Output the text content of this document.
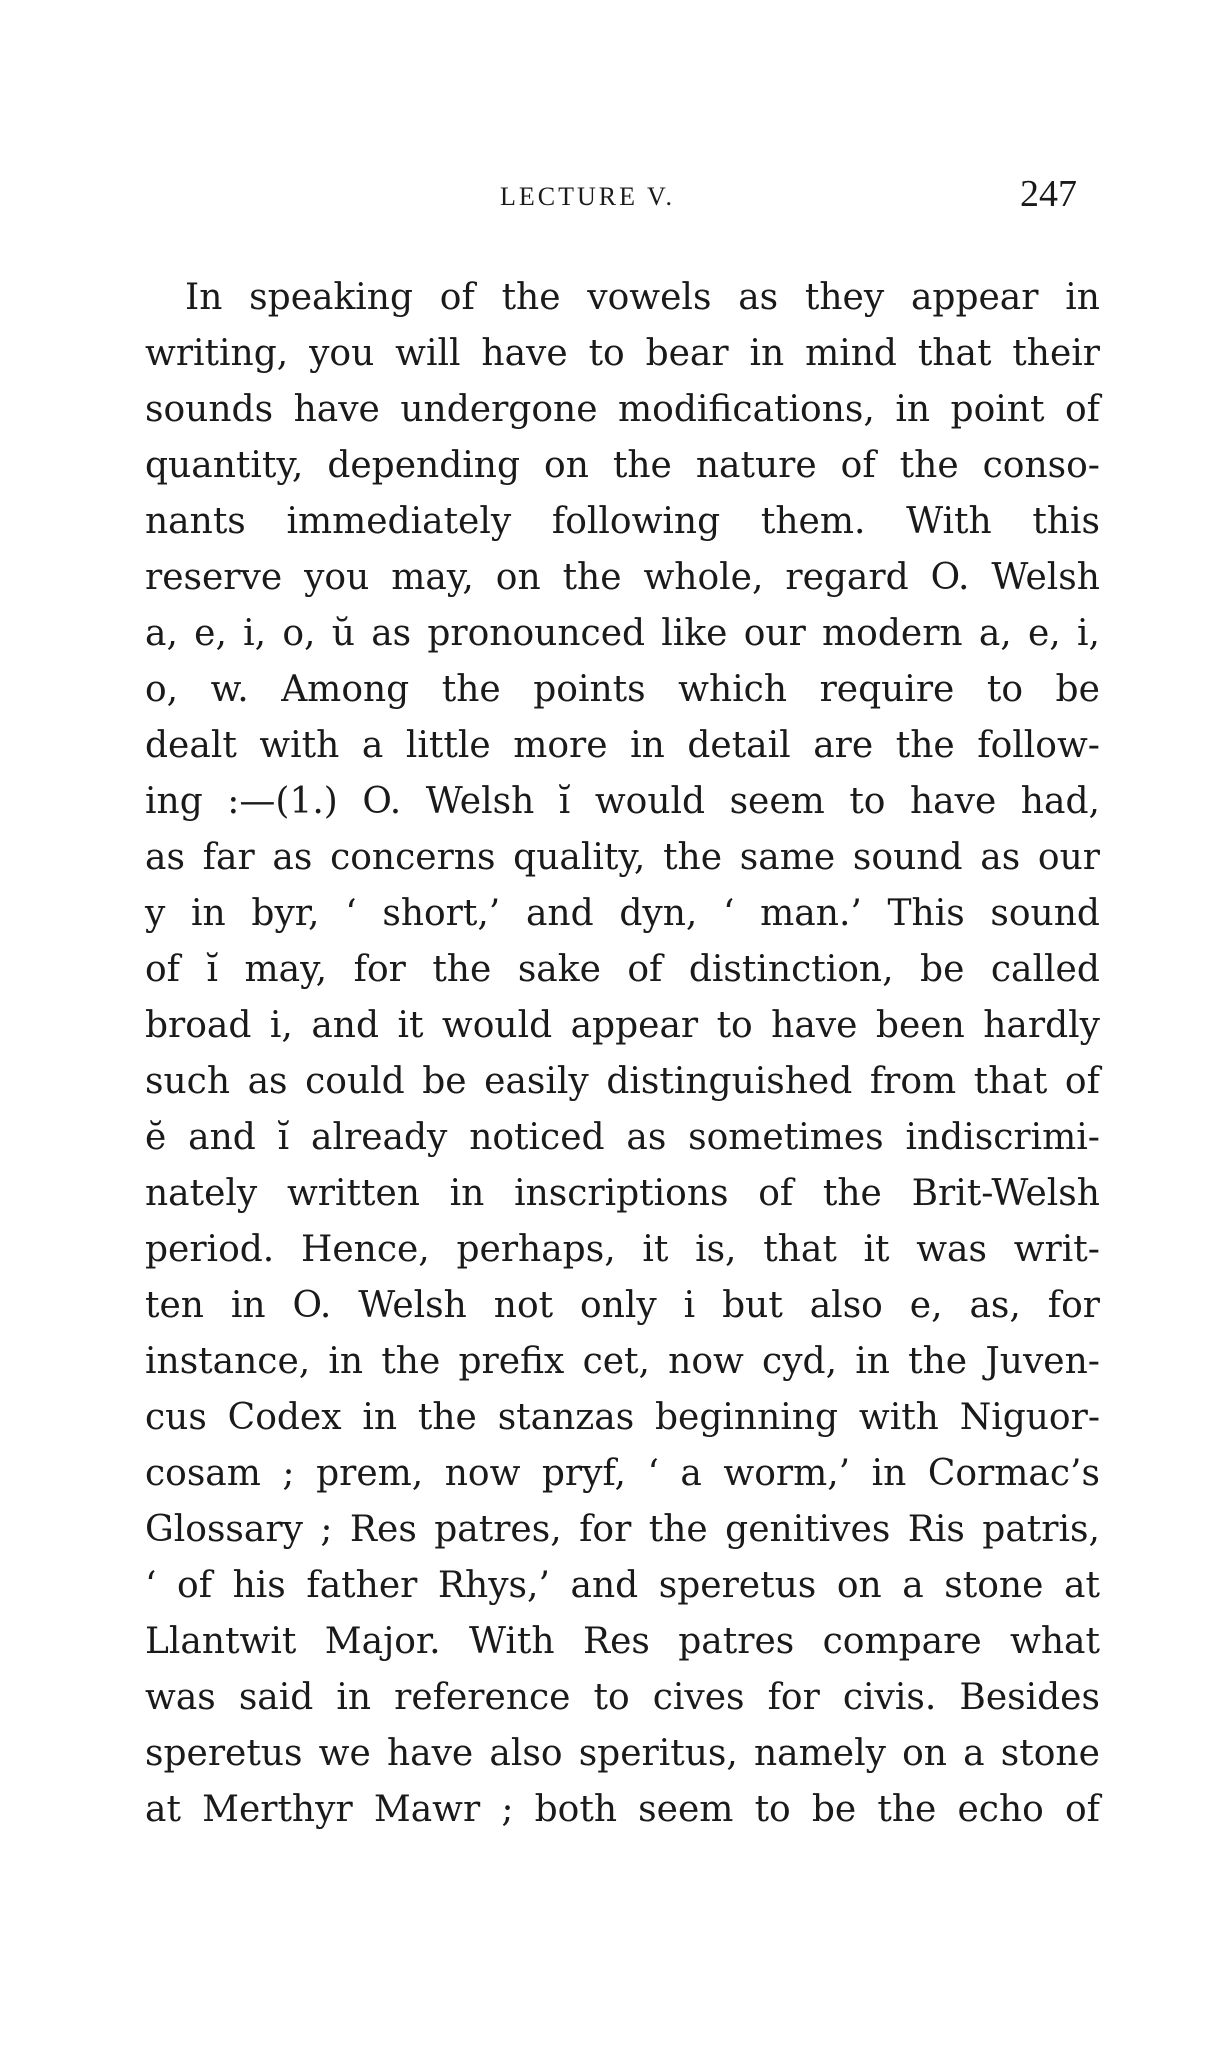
LECTURE V.	247
In speaking of the vowels as they appear in
writing, you will have to bear in mind that their
sounds have undergone modifications, in point of
quantity, depending on the nature of the conso-
nants immediately following them. With this
reserve you may, on the whole, regard O. Welsh
a, e, i, o, ŭ as pronounced like our modern a, e, i,
o, w. Among the points which require to be
dealt with a little more in detail are the follow-
ing :—(1.) O. Welsh ĭ would seem to have had,
as far as concerns quality, the same sound as our
y in byr, ‘ short,’ and dyn, ‘ man.’ This sound
of ĭ may, for the sake of distinction, be called
broad i, and it would appear to have been hardly
such as could be easily distinguished from that of
ĕ and ĭ already noticed as sometimes indiscrimi-
nately written in inscriptions of the Brit-Welsh
period. Hence, perhaps, it is, that it was writ-
ten in O. Welsh not only i but also e, as, for
instance, in the prefix cet, now cyd, in the Juven-
cus Codex in the stanzas beginning with Niguor-
cosam ; prem, now pryf, ‘ a worm,’ in Cormac’s
Glossary ; Res patres, for the genitives Ris patris,
‘ of his father Rhys,’ and speretus on a stone at
Llantwit Major. With Res patres compare what
was said in reference to cives for civis. Besides
speretus we have also speritus, namely on a stone
at Merthyr Mawr ; both seem to be the echo of
